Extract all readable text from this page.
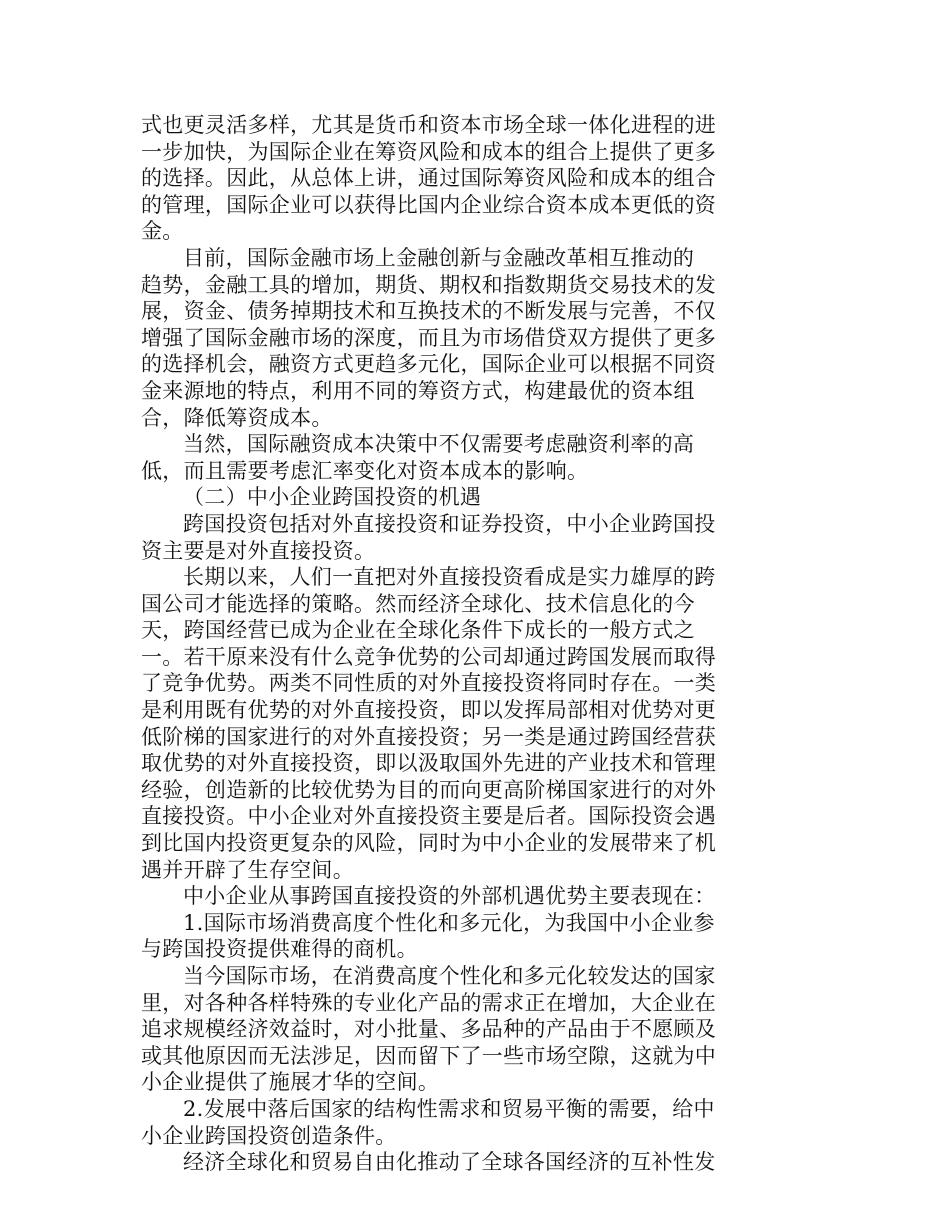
式也更灵活多样，尤其是货币和资本市场全球一体化进程的进
一步加快，为国际企业在筹资风险和成本的组合上提供了更多
的选择。因此，从总体上讲，通过国际筹资风险和成本的组合
的管理，国际企业可以获得比国内企业综合资本成本更低的资
金。
目前，国际金融市场上金融创新与金融改革相互推动的
趋势，金融工具的增加，期货、期权和指数期货交易技术的发
展，资金、债务掉期技术和互换技术的不断发展与完善，不仅
增强了国际金融市场的深度，而且为市场借贷双方提供了更多
的选择机会，融资方式更趋多元化，国际企业可以根据不同资
金来源地的特点，利用不同的筹资方式，构建最优的资本组
合，降低筹资成本。
当然，国际融资成本决策中不仅需要考虑融资利率的高
低，而且需要考虑汇率变化对资本成本的影响。
（二）中小企业跨国投资的机遇
跨国投资包括对外直接投资和证券投资，中小企业跨国投
资主要是对外直接投资。
长期以来，人们一直把对外直接投资看成是实力雄厚的跨
国公司才能选择的策略。然而经济全球化、技术信息化的今
天，跨国经营已成为企业在全球化条件下成长的一般方式之
一。若干原来没有什么竞争优势的公司却通过跨国发展而取得
了竞争优势。两类不同性质的对外直接投资将同时存在。一类
是利用既有优势的对外直接投资，即以发挥局部相对优势对更
低阶梯的国家进行的对外直接投资；另一类是通过跨国经营获
取优势的对外直接投资，即以汲取国外先进的产业技术和管理
经验，创造新的比较优势为目的而向更高阶梯国家进行的对外
直接投资。中小企业对外直接投资主要是后者。国际投资会遇
到比国内投资更复杂的风险，同时为中小企业的发展带来了机
遇并开辟了生存空间。
中小企业从事跨国直接投资的外部机遇优势主要表现在：
1.国际市场消费高度个性化和多元化，为我国中小企业参
与跨国投资提供难得的商机。
当今国际市场，在消费高度个性化和多元化较发达的国家
里，对各种各样特殊的专业化产品的需求正在增加，大企业在
追求规模经济效益时，对小批量、多品种的产品由于不愿顾及
或其他原因而无法涉足，因而留下了一些市场空隙，这就为中
小企业提供了施展才华的空间。
2.发展中落后国家的结构性需求和贸易平衡的需要，给中
小企业跨国投资创造条件。
经济全球化和贸易自由化推动了全球各国经济的互补性发
